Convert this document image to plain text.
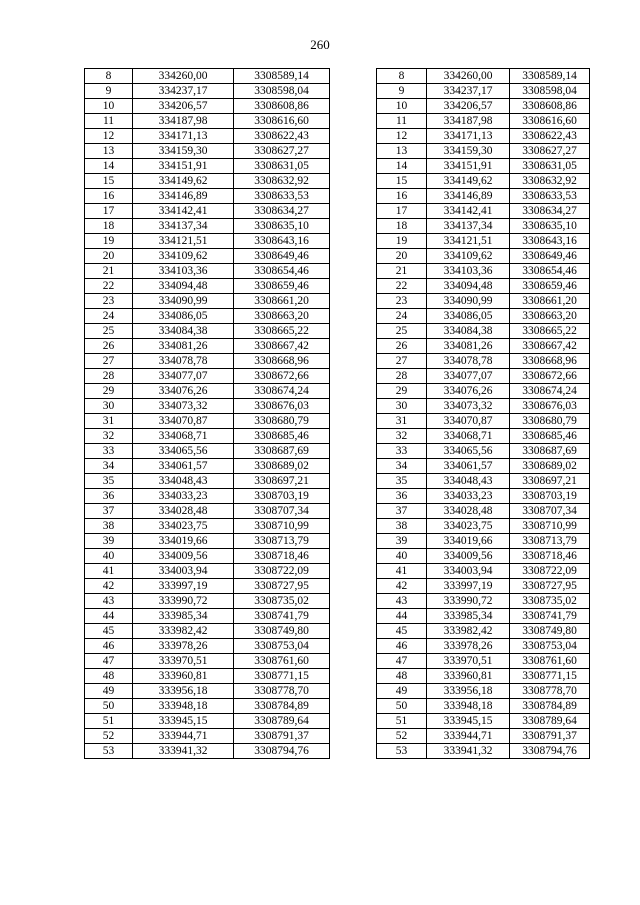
260
8	334260,00	3308589,14
9	334237,17	3308598,04
10	334206,57	3308608,86
11	334187,98	3308616,60
12	334171,13	3308622,43
13	334159,30	3308627,27
14	334151,91	3308631,05
15	334149,62	3308632,92
16	334146,89	3308633,53
17	334142,41	3308634,27
18	334137,34	3308635,10
19	334121,51	3308643,16
20	334109,62	3308649,46
21	334103,36	3308654,46
22	334094,48	3308659,46
23	334090,99	3308661,20
24	334086,05	3308663,20
25	334084,38	3308665,22
26	334081,26	3308667,42
27	334078,78	3308668,96
28	334077,07	3308672,66
29	334076,26	3308674,24
30	334073,32	3308676,03
31	334070,87	3308680,79
32	334068,71	3308685,46
33	334065,56	3308687,69
34	334061,57	3308689,02
35	334048,43	3308697,21
36	334033,23	3308703,19
37	334028,48	3308707,34
38	334023,75	3308710,99
39	334019,66	3308713,79
40	334009,56	3308718,46
41	334003,94	3308722,09
42	333997,19	3308727,95
43	333990,72	3308735,02
44	333985,34	3308741,79
45	333982,42	3308749,80
46	333978,26	3308753,04
47	333970,51	3308761,60
48	333960,81	3308771,15
49	333956,18	3308778,70
50	333948,18	3308784,89
51	333945,15	3308789,64
52	333944,71	3308791,37
53	333941,32	3308794,76
8	334260,00	3308589,14
9	334237,17	3308598,04
10	334206,57	3308608,86
11	334187,98	3308616,60
12	334171,13	3308622,43
13	334159,30	3308627,27
14	334151,91	3308631,05
15	334149,62	3308632,92
16	334146,89	3308633,53
17	334142,41	3308634,27
18	334137,34	3308635,10
19	334121,51	3308643,16
20	334109,62	3308649,46
21	334103,36	3308654,46
22	334094,48	3308659,46
23	334090,99	3308661,20
24	334086,05	3308663,20
25	334084,38	3308665,22
26	334081,26	3308667,42
27	334078,78	3308668,96
28	334077,07	3308672,66
29	334076,26	3308674,24
30	334073,32	3308676,03
31	334070,87	3308680,79
32	334068,71	3308685,46
33	334065,56	3308687,69
34	334061,57	3308689,02
35	334048,43	3308697,21
36	334033,23	3308703,19
37	334028,48	3308707,34
38	334023,75	3308710,99
39	334019,66	3308713,79
40	334009,56	3308718,46
41	334003,94	3308722,09
42	333997,19	3308727,95
43	333990,72	3308735,02
44	333985,34	3308741,79
45	333982,42	3308749,80
46	333978,26	3308753,04
47	333970,51	3308761,60
48	333960,81	3308771,15
49	333956,18	3308778,70
50	333948,18	3308784,89
51	333945,15	3308789,64
52	333944,71	3308791,37
53	333941,32	3308794,76
